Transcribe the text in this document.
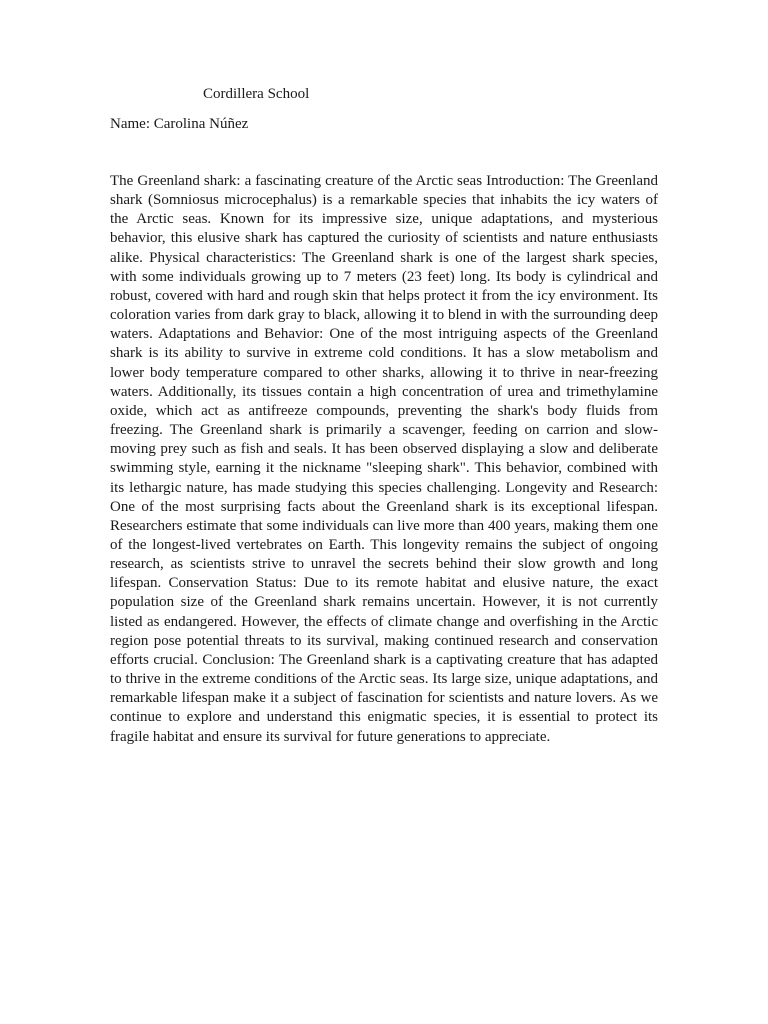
Cordillera School
Name: Carolina Núñez

The Greenland shark: a fascinating creature of the Arctic seas Introduction: The Greenland shark (Somniosus microcephalus) is a remarkable species that inhabits the icy waters of the Arctic seas. Known for its impressive size, unique adaptations, and mysterious behavior, this elusive shark has captured the curiosity of scientists and nature enthusiasts alike. Physical characteristics: The Greenland shark is one of the largest shark species, with some individuals growing up to 7 meters (23 feet) long. Its body is cylindrical and robust, covered with hard and rough skin that helps protect it from the icy environment. Its coloration varies from dark gray to black, allowing it to blend in with the surrounding deep waters. Adaptations and Behavior: One of the most intriguing aspects of the Greenland shark is its ability to survive in extreme cold conditions. It has a slow metabolism and lower body temperature compared to other sharks, allowing it to thrive in near-freezing waters. Additionally, its tissues contain a high concentration of urea and trimethylamine oxide, which act as antifreeze compounds, preventing the shark's body fluids from freezing. The Greenland shark is primarily a scavenger, feeding on carrion and slow-moving prey such as fish and seals. It has been observed displaying a slow and deliberate swimming style, earning it the nickname "sleeping shark". This behavior, combined with its lethargic nature, has made studying this species challenging. Longevity and Research: One of the most surprising facts about the Greenland shark is its exceptional lifespan. Researchers estimate that some individuals can live more than 400 years, making them one of the longest-lived vertebrates on Earth. This longevity remains the subject of ongoing research, as scientists strive to unravel the secrets behind their slow growth and long lifespan. Conservation Status: Due to its remote habitat and elusive nature, the exact population size of the Greenland shark remains uncertain. However, it is not currently listed as endangered. However, the effects of climate change and overfishing in the Arctic region pose potential threats to its survival, making continued research and conservation efforts crucial. Conclusion: The Greenland shark is a captivating creature that has adapted to thrive in the extreme conditions of the Arctic seas. Its large size, unique adaptations, and remarkable lifespan make it a subject of fascination for scientists and nature lovers. As we continue to explore and understand this enigmatic species, it is essential to protect its fragile habitat and ensure its survival for future generations to appreciate.
